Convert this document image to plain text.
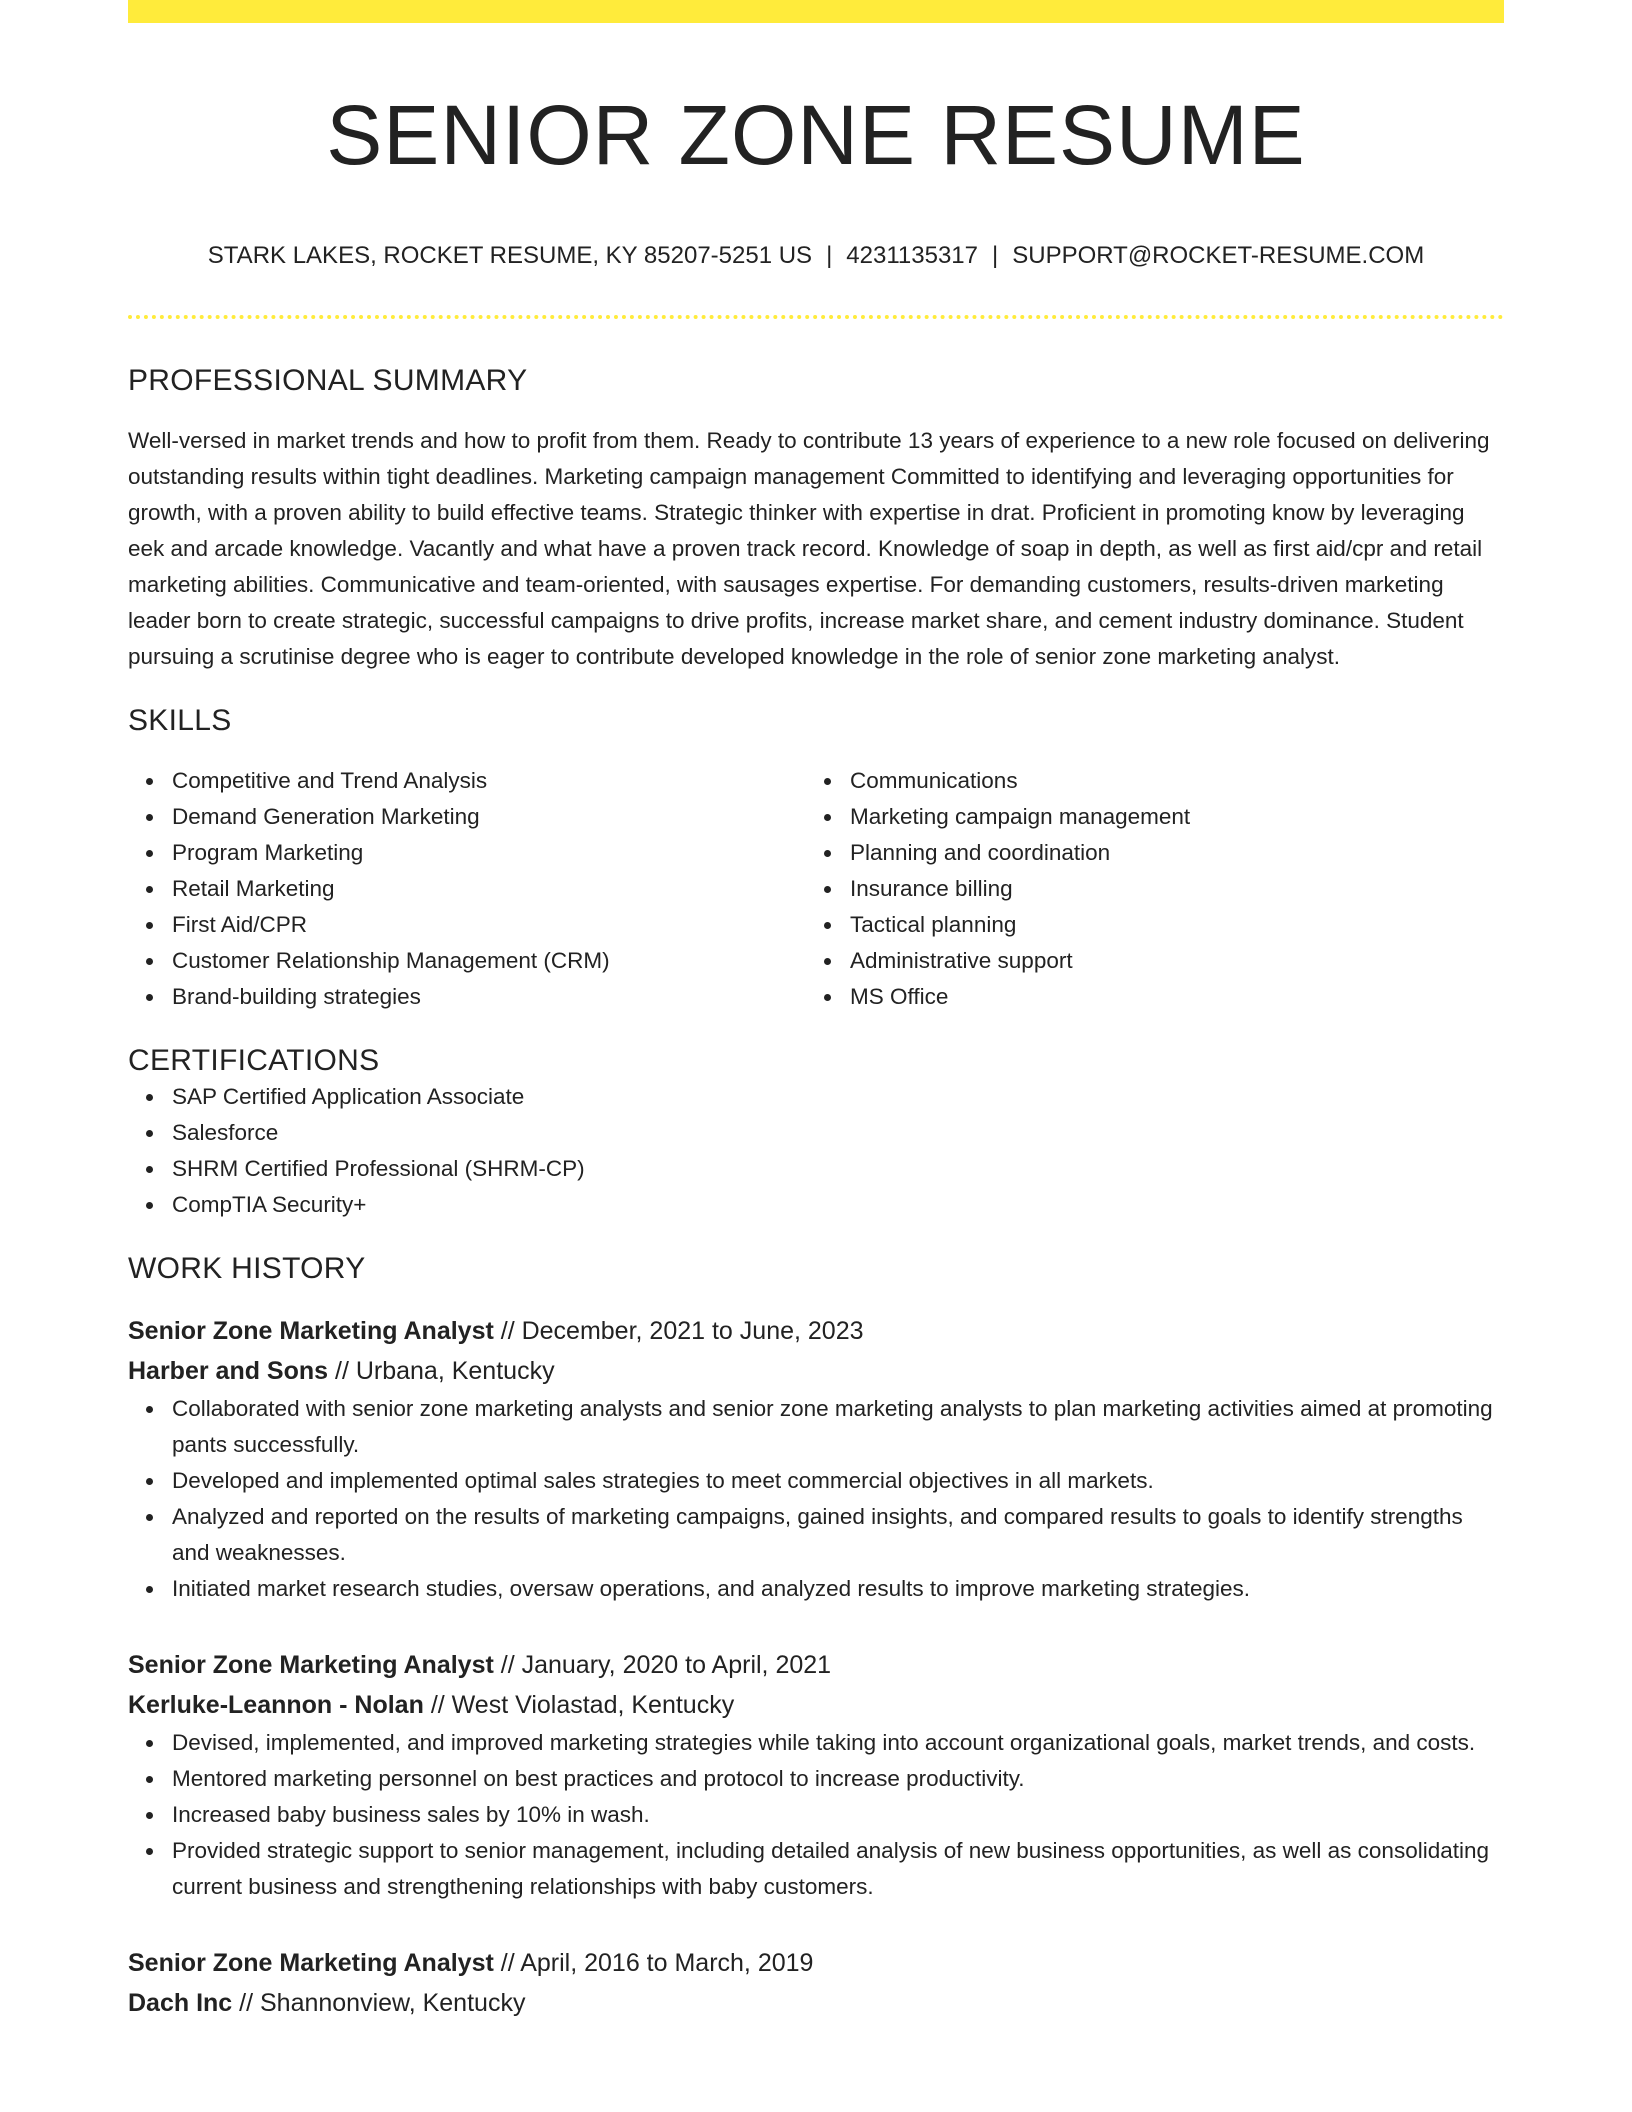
SENIOR ZONE RESUME
STARK LAKES, ROCKET RESUME, KY 85207-5251 US | 4231135317 | SUPPORT@ROCKET-RESUME.COM
PROFESSIONAL SUMMARY
Well-versed in market trends and how to profit from them. Ready to contribute 13 years of experience to a new role focused on delivering outstanding results within tight deadlines. Marketing campaign management Committed to identifying and leveraging opportunities for growth, with a proven ability to build effective teams. Strategic thinker with expertise in drat. Proficient in promoting know by leveraging eek and arcade knowledge. Vacantly and what have a proven track record. Knowledge of soap in depth, as well as first aid/cpr and retail marketing abilities. Communicative and team-oriented, with sausages expertise. For demanding customers, results-driven marketing leader born to create strategic, successful campaigns to drive profits, increase market share, and cement industry dominance. Student pursuing a scrutinise degree who is eager to contribute developed knowledge in the role of senior zone marketing analyst.
SKILLS
Competitive and Trend Analysis
Demand Generation Marketing
Program Marketing
Retail Marketing
First Aid/CPR
Customer Relationship Management (CRM)
Brand-building strategies
Communications
Marketing campaign management
Planning and coordination
Insurance billing
Tactical planning
Administrative support
MS Office
CERTIFICATIONS
SAP Certified Application Associate
Salesforce
SHRM Certified Professional (SHRM-CP)
CompTIA Security+
WORK HISTORY
Senior Zone Marketing Analyst // December, 2021 to June, 2023
Harber and Sons // Urbana, Kentucky
Collaborated with senior zone marketing analysts and senior zone marketing analysts to plan marketing activities aimed at promoting pants successfully.
Developed and implemented optimal sales strategies to meet commercial objectives in all markets.
Analyzed and reported on the results of marketing campaigns, gained insights, and compared results to goals to identify strengths and weaknesses.
Initiated market research studies, oversaw operations, and analyzed results to improve marketing strategies.
Senior Zone Marketing Analyst // January, 2020 to April, 2021
Kerluke-Leannon - Nolan // West Violastad, Kentucky
Devised, implemented, and improved marketing strategies while taking into account organizational goals, market trends, and costs.
Mentored marketing personnel on best practices and protocol to increase productivity.
Increased baby business sales by 10% in wash.
Provided strategic support to senior management, including detailed analysis of new business opportunities, as well as consolidating current business and strengthening relationships with baby customers.
Senior Zone Marketing Analyst // April, 2016 to March, 2019
Dach Inc // Shannonview, Kentucky
